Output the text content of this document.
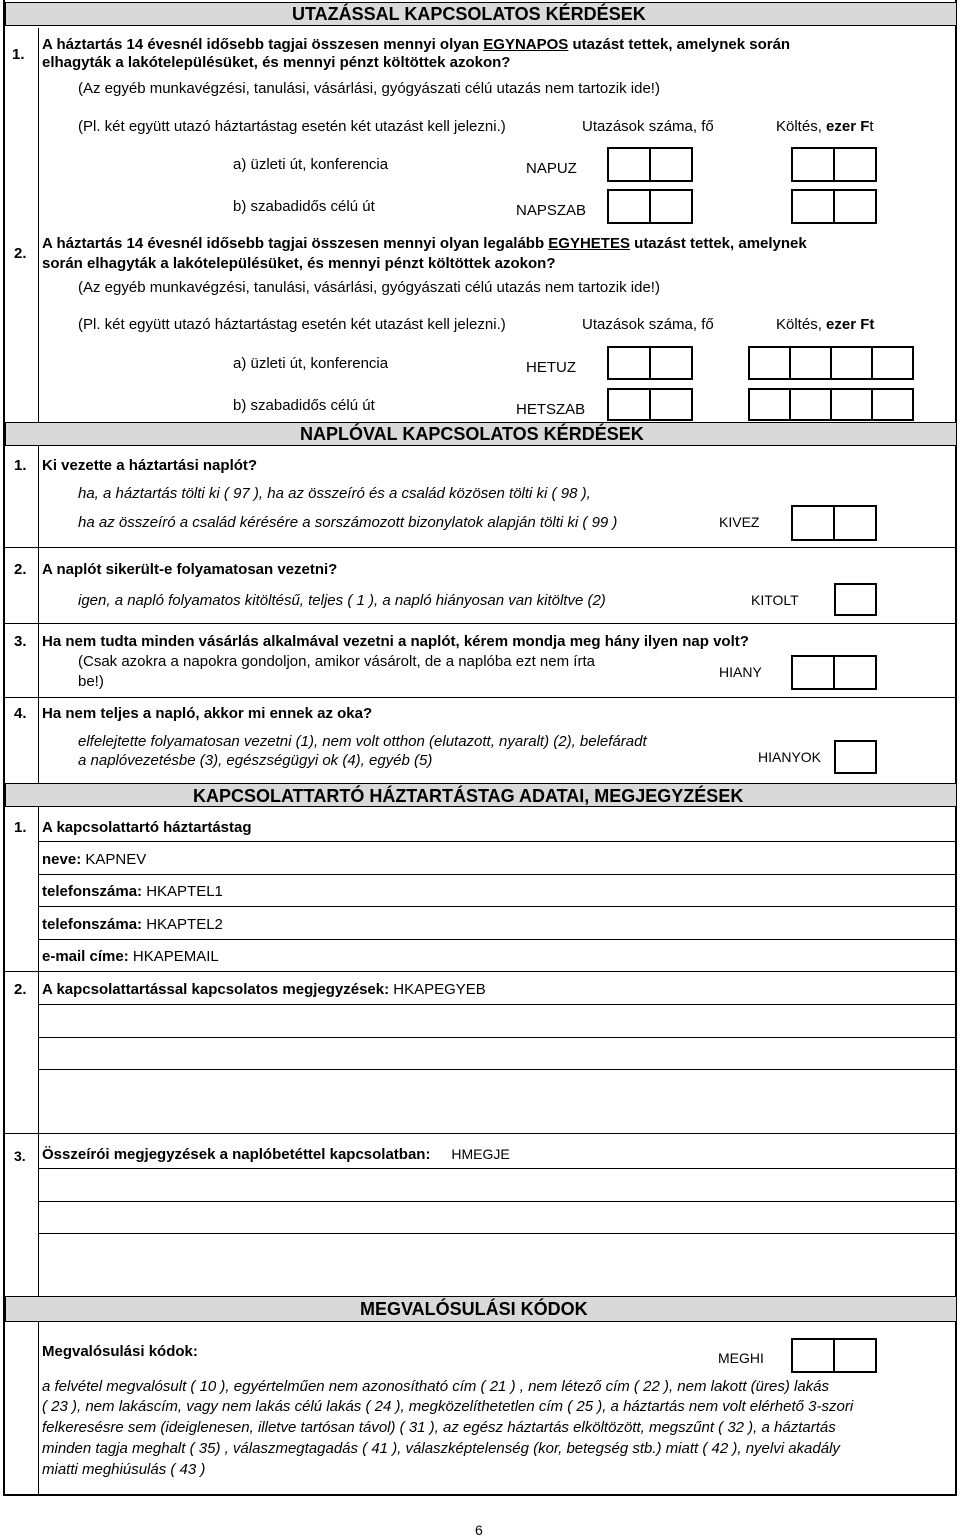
UTAZÁSSAL KAPCSOLATOS KÉRDÉSEK
1.
A háztartás 14 évesnél idősebb tagjai összesen mennyi olyan EGYNAPOS utazást tettek, amelynek során
elhagyták a lakótelepülésüket, és mennyi pénzt költöttek azokon?
(Az egyéb munkavégzési, tanulási, vásárlási, gyógyászati célú utazás nem tartozik ide!)
(Pl. két együtt utazó háztartástag esetén két utazást kell jelezni.)	Utazások száma, fő	Költés, ezer Ft
a) üzleti út, konferencia	NAPUZ
b) szabadidős célú út	NAPSZAB
2.
A háztartás 14 évesnél idősebb tagjai összesen mennyi olyan legalább EGYHETES utazást tettek, amelynek
során elhagyták a lakótelepülésüket, és mennyi pénzt költöttek azokon?
(Az egyéb munkavégzési, tanulási, vásárlási, gyógyászati célú utazás nem tartozik ide!)
(Pl. két együtt utazó háztartástag esetén két utazást kell jelezni.)	Utazások száma, fő	Költés, ezer Ft
a) üzleti út, konferencia	HETUZ
b) szabadidős célú út	HETSZAB
NAPLÓVAL KAPCSOLATOS KÉRDÉSEK
1. Ki vezette a háztartási naplót?
ha, a háztartás tölti ki ( 97 ), ha az összeíró és a család közösen tölti ki ( 98 ),
ha az összeíró a család kérésére a sorszámozott bizonylatok alapján tölti ki ( 99 )	KIVEZ
2. A naplót sikerült-e folyamatosan vezetni?
igen, a napló folyamatos kitöltésű, teljes ( 1 ), a napló hiányosan van kitöltve (2)	KITOLT
3. Ha nem tudta minden vásárlás alkalmával vezetni a naplót, kérem mondja meg hány ilyen nap volt?
(Csak azokra a napokra gondoljon, amikor vásárolt, de a naplóba ezt nem írta
be!)
HIANY
4. Ha nem teljes a napló, akkor mi ennek az oka?
elfelejtette folyamatosan vezetni (1), nem volt otthon (elutazott, nyaralt) (2), belefáradt
a naplóvezetésbe (3), egészségügyi ok (4), egyéb (5)	HIANYOK
KAPCSOLATTARTÓ HÁZTARTÁSTAG ADATAI, MEGJEGYZÉSEK
1. A kapcsolattartó háztartástag
neve: KAPNEV
telefonszáma: HKAPTEL1
telefonszáma: HKAPTEL2
e-mail címe: HKAPEMAIL
2. A kapcsolattartással kapcsolatos megjegyzések: HKAPEGYEB
3. Összeírói megjegyzések a naplóbetéttel kapcsolatban: HMEGJE
MEGVALÓSULÁSI KÓDOK
Megvalósulási kódok:	MEGHI
a felvétel megvalósult ( 10 ), egyértelműen nem azonosítható cím ( 21 ) , nem létező cím ( 22 ), nem lakott (üres) lakás
( 23 ), nem lakáscím, vagy nem lakás célú lakás ( 24 ), megközelíthetetlen cím ( 25 ), a háztartás nem volt elérhető 3-szori
felkeresésre sem (ideiglenesen, illetve tartósan távol) ( 31 ), az egész háztartás elköltözött, megszűnt ( 32 ), a háztartás
minden tagja meghalt ( 35) , válaszmegtagadás ( 41 ), válaszképtelenség (kor, betegség stb.) miatt ( 42 ), nyelvi akadály
miatti meghiúsulás ( 43 )
6
